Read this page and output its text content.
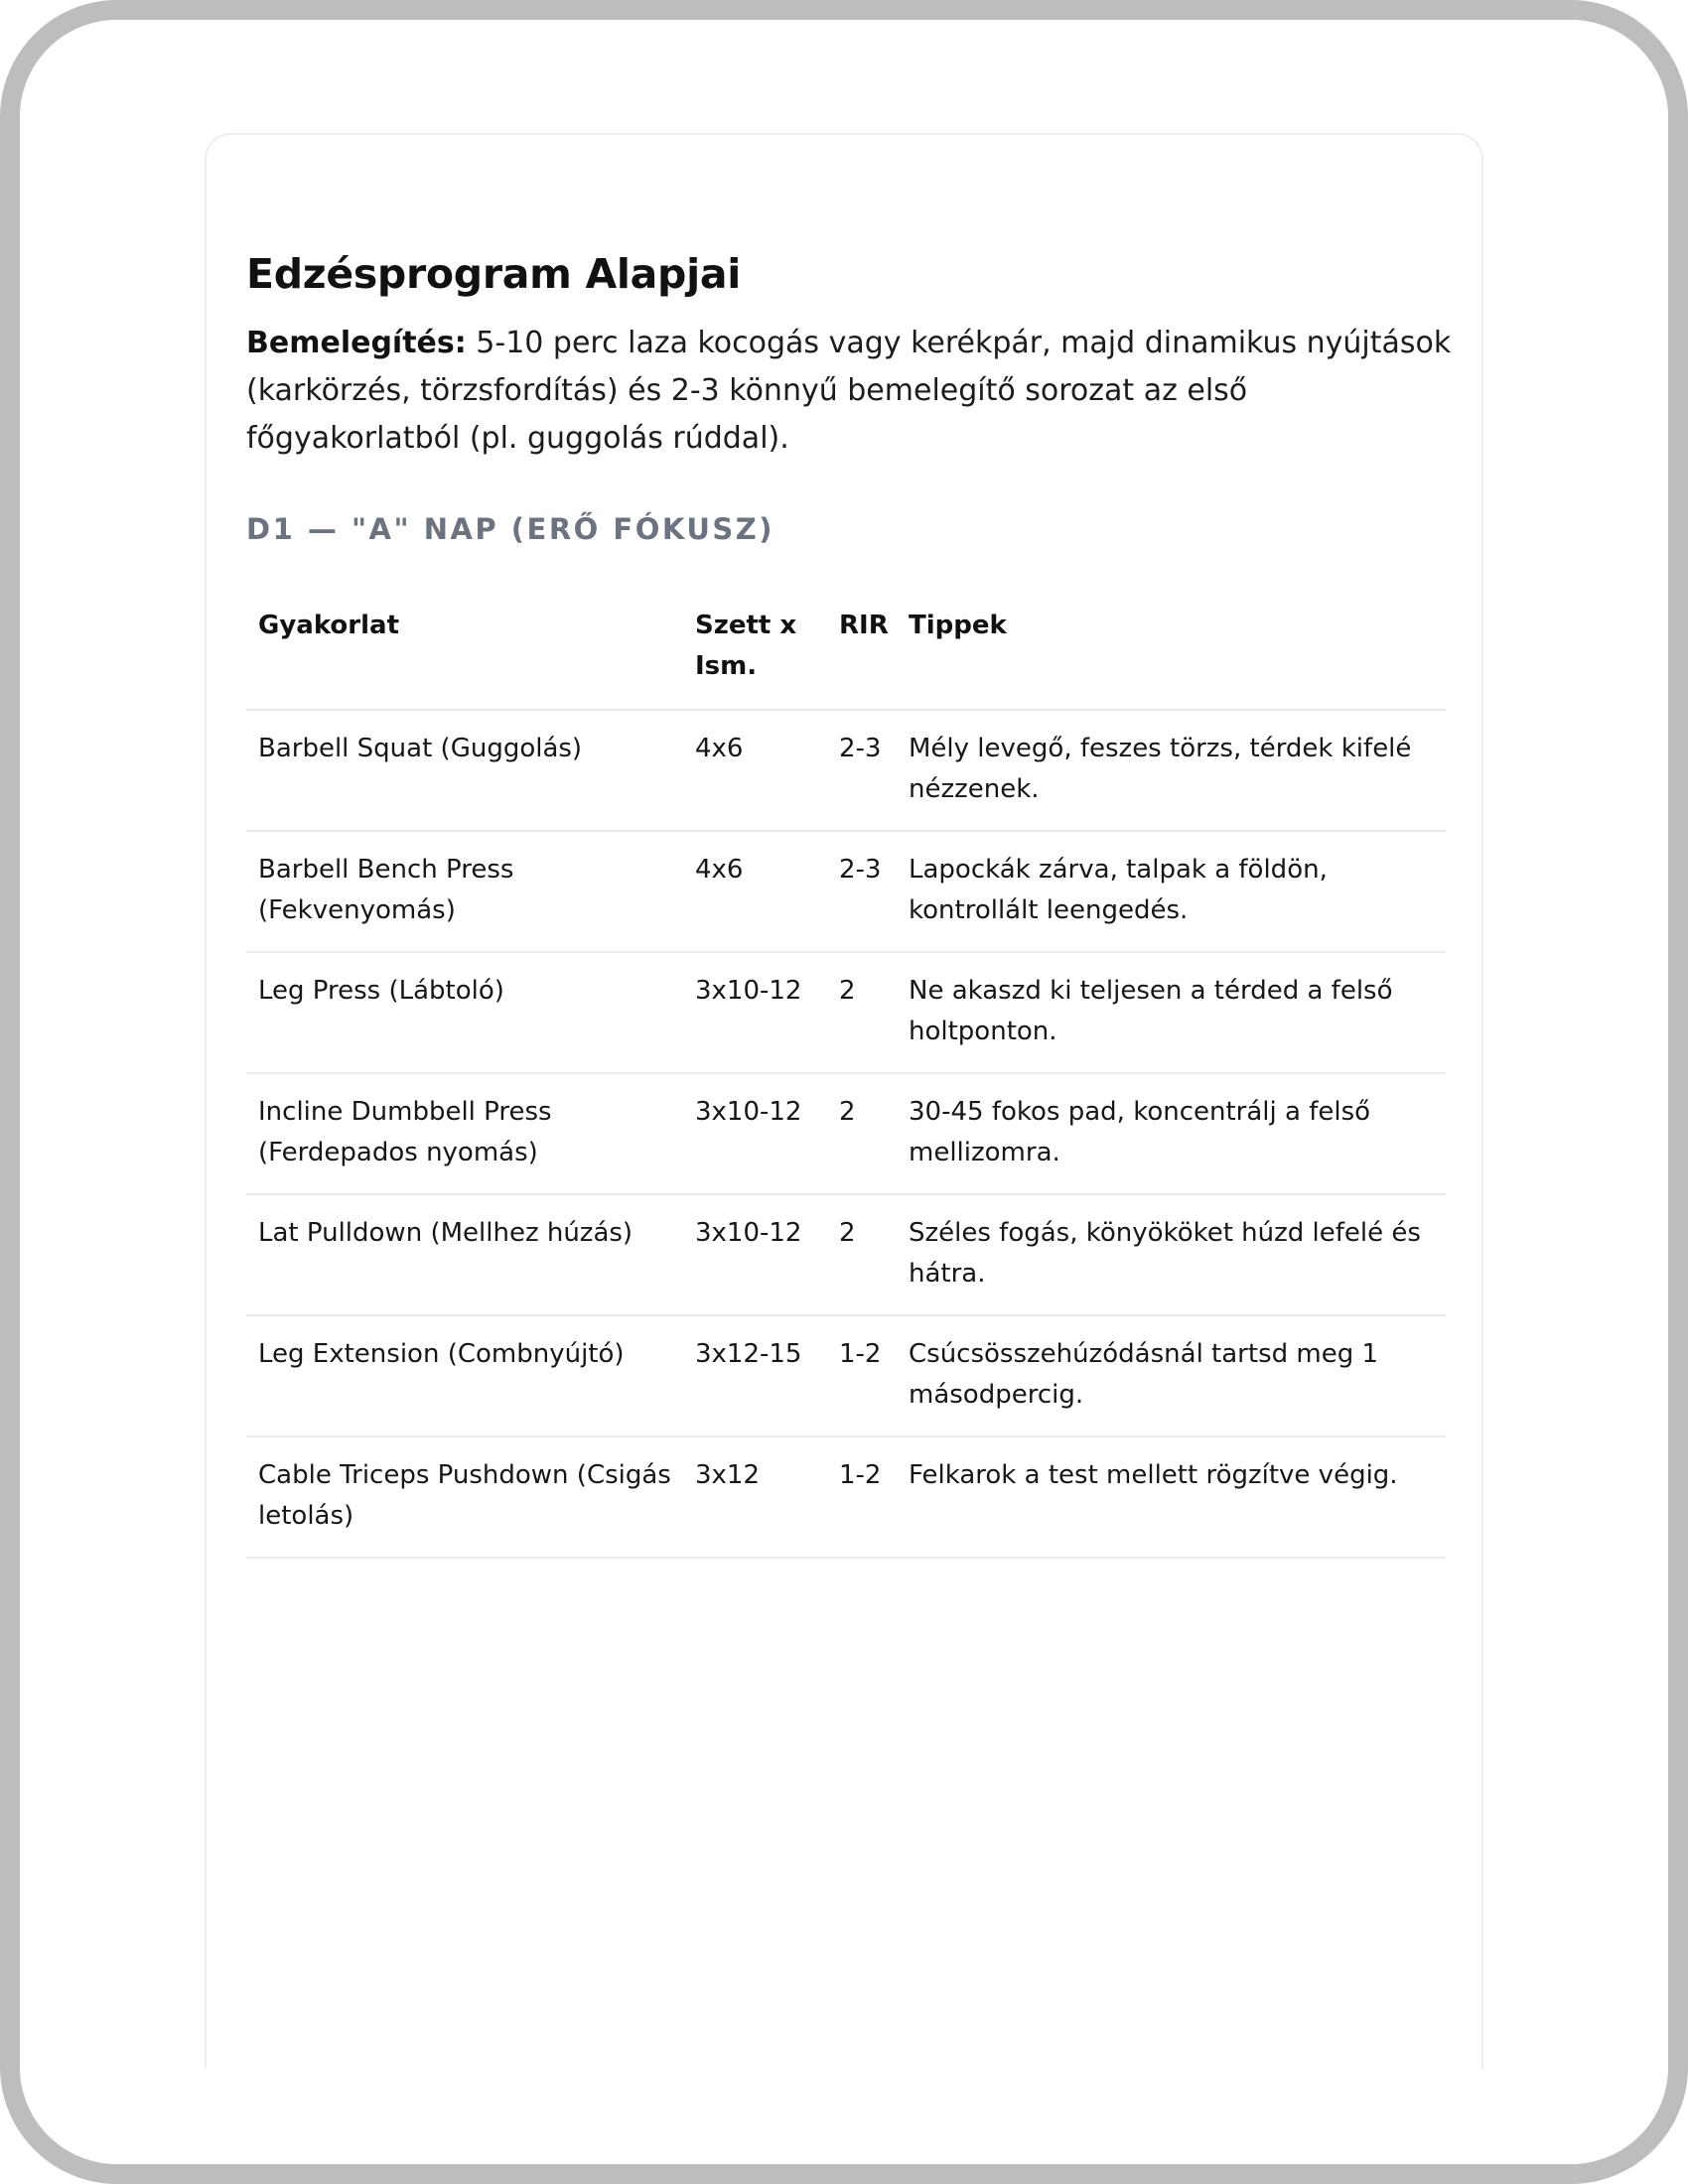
Edzésprogram Alapjai

Bemelegítés: 5-10 perc laza kocogás vagy kerékpár, majd dinamikus nyújtások (karkörzés, törzsfordítás) és 2-3 könnyű bemelegítő sorozat az első főgyakorlatból (pl. guggolás rúddal).

D1 — "A" NAP (ERŐ FÓKUSZ)
Gyakorlat	Szett x Ism.	RIR	Tippek
Barbell Squat (Guggolás)	4x6	2-3	Mély levegő, feszes törzs, térdek kifelé nézzenek.
Barbell Bench Press (Fekvenyomás)	4x6	2-3	Lapockák zárva, talpak a földön, kontrollált leengedés.
Leg Press (Lábtoló)	3x10-12	2	Ne akaszd ki teljesen a térded a felső holtponton.
Incline Dumbbell Press (Ferdepados nyomás)	3x10-12	2	30-45 fokos pad, koncentrálj a felső mellizomra.
Lat Pulldown (Mellhez húzás)	3x10-12	2	Széles fogás, könyököket húzd lefelé és hátra.
Leg Extension (Combnyújtó)	3x12-15	1-2	Csúcsösszehúzódásnál tartsd meg 1 másodpercig.
Cable Triceps Pushdown (Csigás letolás)	3x12	1-2	Felkarok a test mellett rögzítve végig.
